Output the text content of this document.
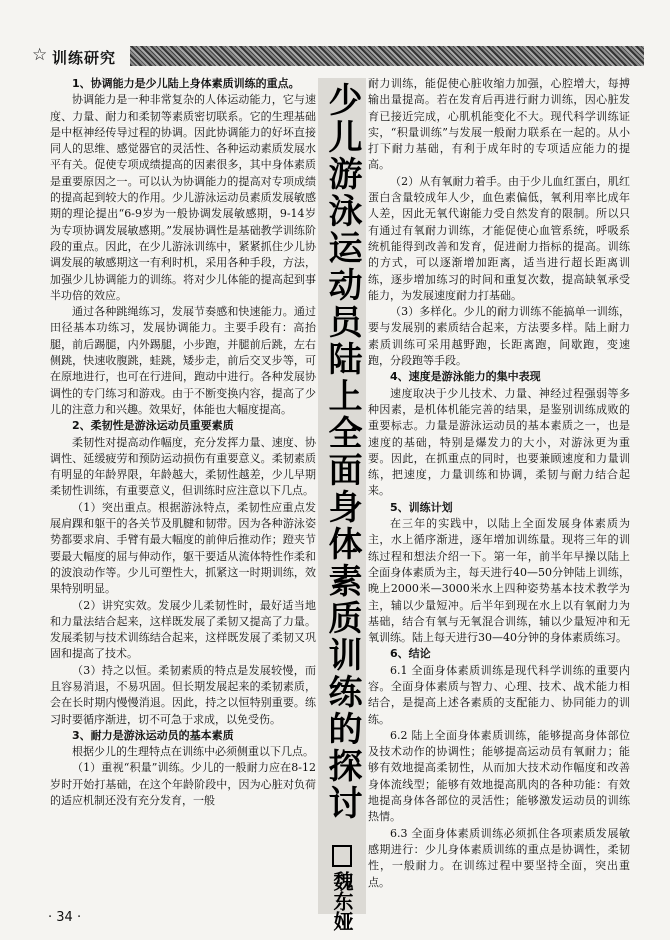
☆ 训练研究
1、协调能力是少儿陆上身体素质训练的重点。

协调能力是一种非常复杂的人体运动能力，它与速度、力量、耐力和柔韧等素质密切联系。它的生理基础是中枢神经传导过程的协调。因此协调能力的好坏直接同人的思维、感觉器官的灵活性、各种运动素质发展水平有关。促使专项成绩提高的因素很多，其中身体素质是重要原因之一。可以认为协调能力的提高对专项成绩的提高起到较大的作用。少儿游泳运动员素质发展敏感期的理论提出“6-9岁为一般协调发展敏感期，9-14岁为专项协调发展敏感期。”发展协调性是基础教学训练阶段的重点。因此，在少儿游泳训练中，紧紧抓住少儿协调发展的敏感期这一有利时机，采用各种手段，方法，加强少儿协调能力的训练。将对少儿体能的提高起到事半功倍的效应。

通过各种跳绳练习，发展节奏感和快速能力。通过田径基本功练习，发展协调能力。主要手段有：高抬腿，前后踢腿，内外踢腿，小步跑，并腿前后跳，左右侧跳，快速收腹跳，蛙跳，矮步走，前后交叉步等，可在原地进行，也可在行进间，跑动中进行。各种发展协调性的专门练习和游戏。由于不断变换内容，提高了少儿的注意力和兴趣。效果好，体能也大幅度提高。

2、柔韧性是游泳运动员重要素质

柔韧性对提高动作幅度，充分发挥力量、速度、协调性、延缓疲劳和预防运动损伤有重要意义。柔韧素质有明显的年龄界限，年龄越大，柔韧性越差，少儿早期柔韧性训练，有重要意义，但训练时应注意以下几点。

（1）突出重点。根据游泳特点，柔韧性应重点发展肩踝和躯干的各关节及肌腱和韧带。因为各种游泳姿势都要求肩、手臂有最大幅度的前伸后推动作；蹬夹节要最大幅度的屈与伸动作，躯干要适从流体特性作柔和的波浪动作等。少儿可塑性大，抓紧这一时期训练，效果特别明显。

（2）讲究实效。发展少儿柔韧性时，最好适当地和力量法结合起来，这样既发展了柔韧又提高了力量。发展柔韧与技术训练结合起来，这样既发展了柔韧又巩固和提高了技术。

（3）持之以恒。柔韧素质的特点是发展较慢，而且容易消退，不易巩固。但长期发展起来的柔韧素质，会在长时期内慢慢消退。因此，持之以恒特别重要。练习时要循序渐进，切不可急于求成，以免受伤。

3、耐力是游泳运动员的基本素质

根据少儿的生理特点在训练中必须侧重以下几点。

（1）重视“积量”训练。少儿的一般耐力应在8-12岁时开始打基础，在这个年龄阶段中，因为心脏对负荷的适应机制还没有充分发育，一般	少儿游泳运动员陆上全面身体素质训练的探讨
魏东娅

耐力训练，能促使心脏收缩力加强，心腔增大，每搏输出量提高。若在发育后再进行耐力训练，因心脏发育已接近完成，心肌机能变化不大。现代科学训练证实，“积量训练”与发展一般耐力联系在一起的。从小打下耐力基础，有利于成年时的专项适应能力的提高。

（2）从有氧耐力着手。由于少儿血红蛋白，肌红蛋白含量较成年人少，血色素偏低，氧利用率比成年人差，因此无氧代谢能力受自然发育的限制。所以只有通过有氧耐力训练，才能促使心血管系统，呼吸系统机能得到改善和发育，促进耐力指标的提高。训练的方式，可以逐渐增加距离，适当进行超长距离训练，逐步增加练习的时间和重复次数，提高缺氧承受能力，为发展速度耐力打基础。

（3）多样化。少儿的耐力训练不能搞单一训练，要与发展别的素质结合起来，方法要多样。陆上耐力素质训练可采用越野跑，长距离跑，间歇跑，变速跑，分段跑等手段。

4、速度是游泳能力的集中表现

速度取决于少儿技术、力量、神经过程强弱等多种因素，是机体机能完善的结果，是鉴别训练成败的重要标志。力量是游泳运动员的基本素质之一，也是速度的基础，特别是爆发力的大小，对游泳更为重要。因此，在抓重点的同时，也要兼顾速度和力量训练，把速度，力量训练和协调，柔韧与耐力结合起来。

5、训练计划

在三年的实践中，以陆上全面发展身体素质为主，水上循序渐进，逐年增加训练量。现将三年的训练过程和想法介绍一下。第一年，前半年早操以陆上全面身体素质为主，每天进行40—50分钟陆上训练，晚上2000米—3000米水上四种姿势基本技术教学为主，辅以少量短冲。后半年到现在水上以有氧耐力为基础，结合有氧与无氧混合训练，辅以少量短冲和无氧训练。陆上每天进行30—40分钟的身体素质练习。

6、结论

6.1 全面身体素质训练是现代科学训练的重要内容。全面身体素质与智力、心理、技术、战术能力相结合，是提高上述各素质的支配能力、协同能力的训练。

6.2 陆上全面身体素质训练，能够提高身体部位及技术动作的协调性；能够提高运动员有氧耐力；能够有效地提高柔韧性，从而加大技术动作幅度和改善身体流线型；能够有效地提高肌肉的各种功能：有效地提高身体各部位的灵活性；能够激发运动员的训练热情。

6.3 全面身体素质训练必须抓住各项素质发展敏感期进行：少儿身体素质训练的重点是协调性，柔韧性，一般耐力。在训练过程中要坚持全面，突出重点。

· 34 ·
